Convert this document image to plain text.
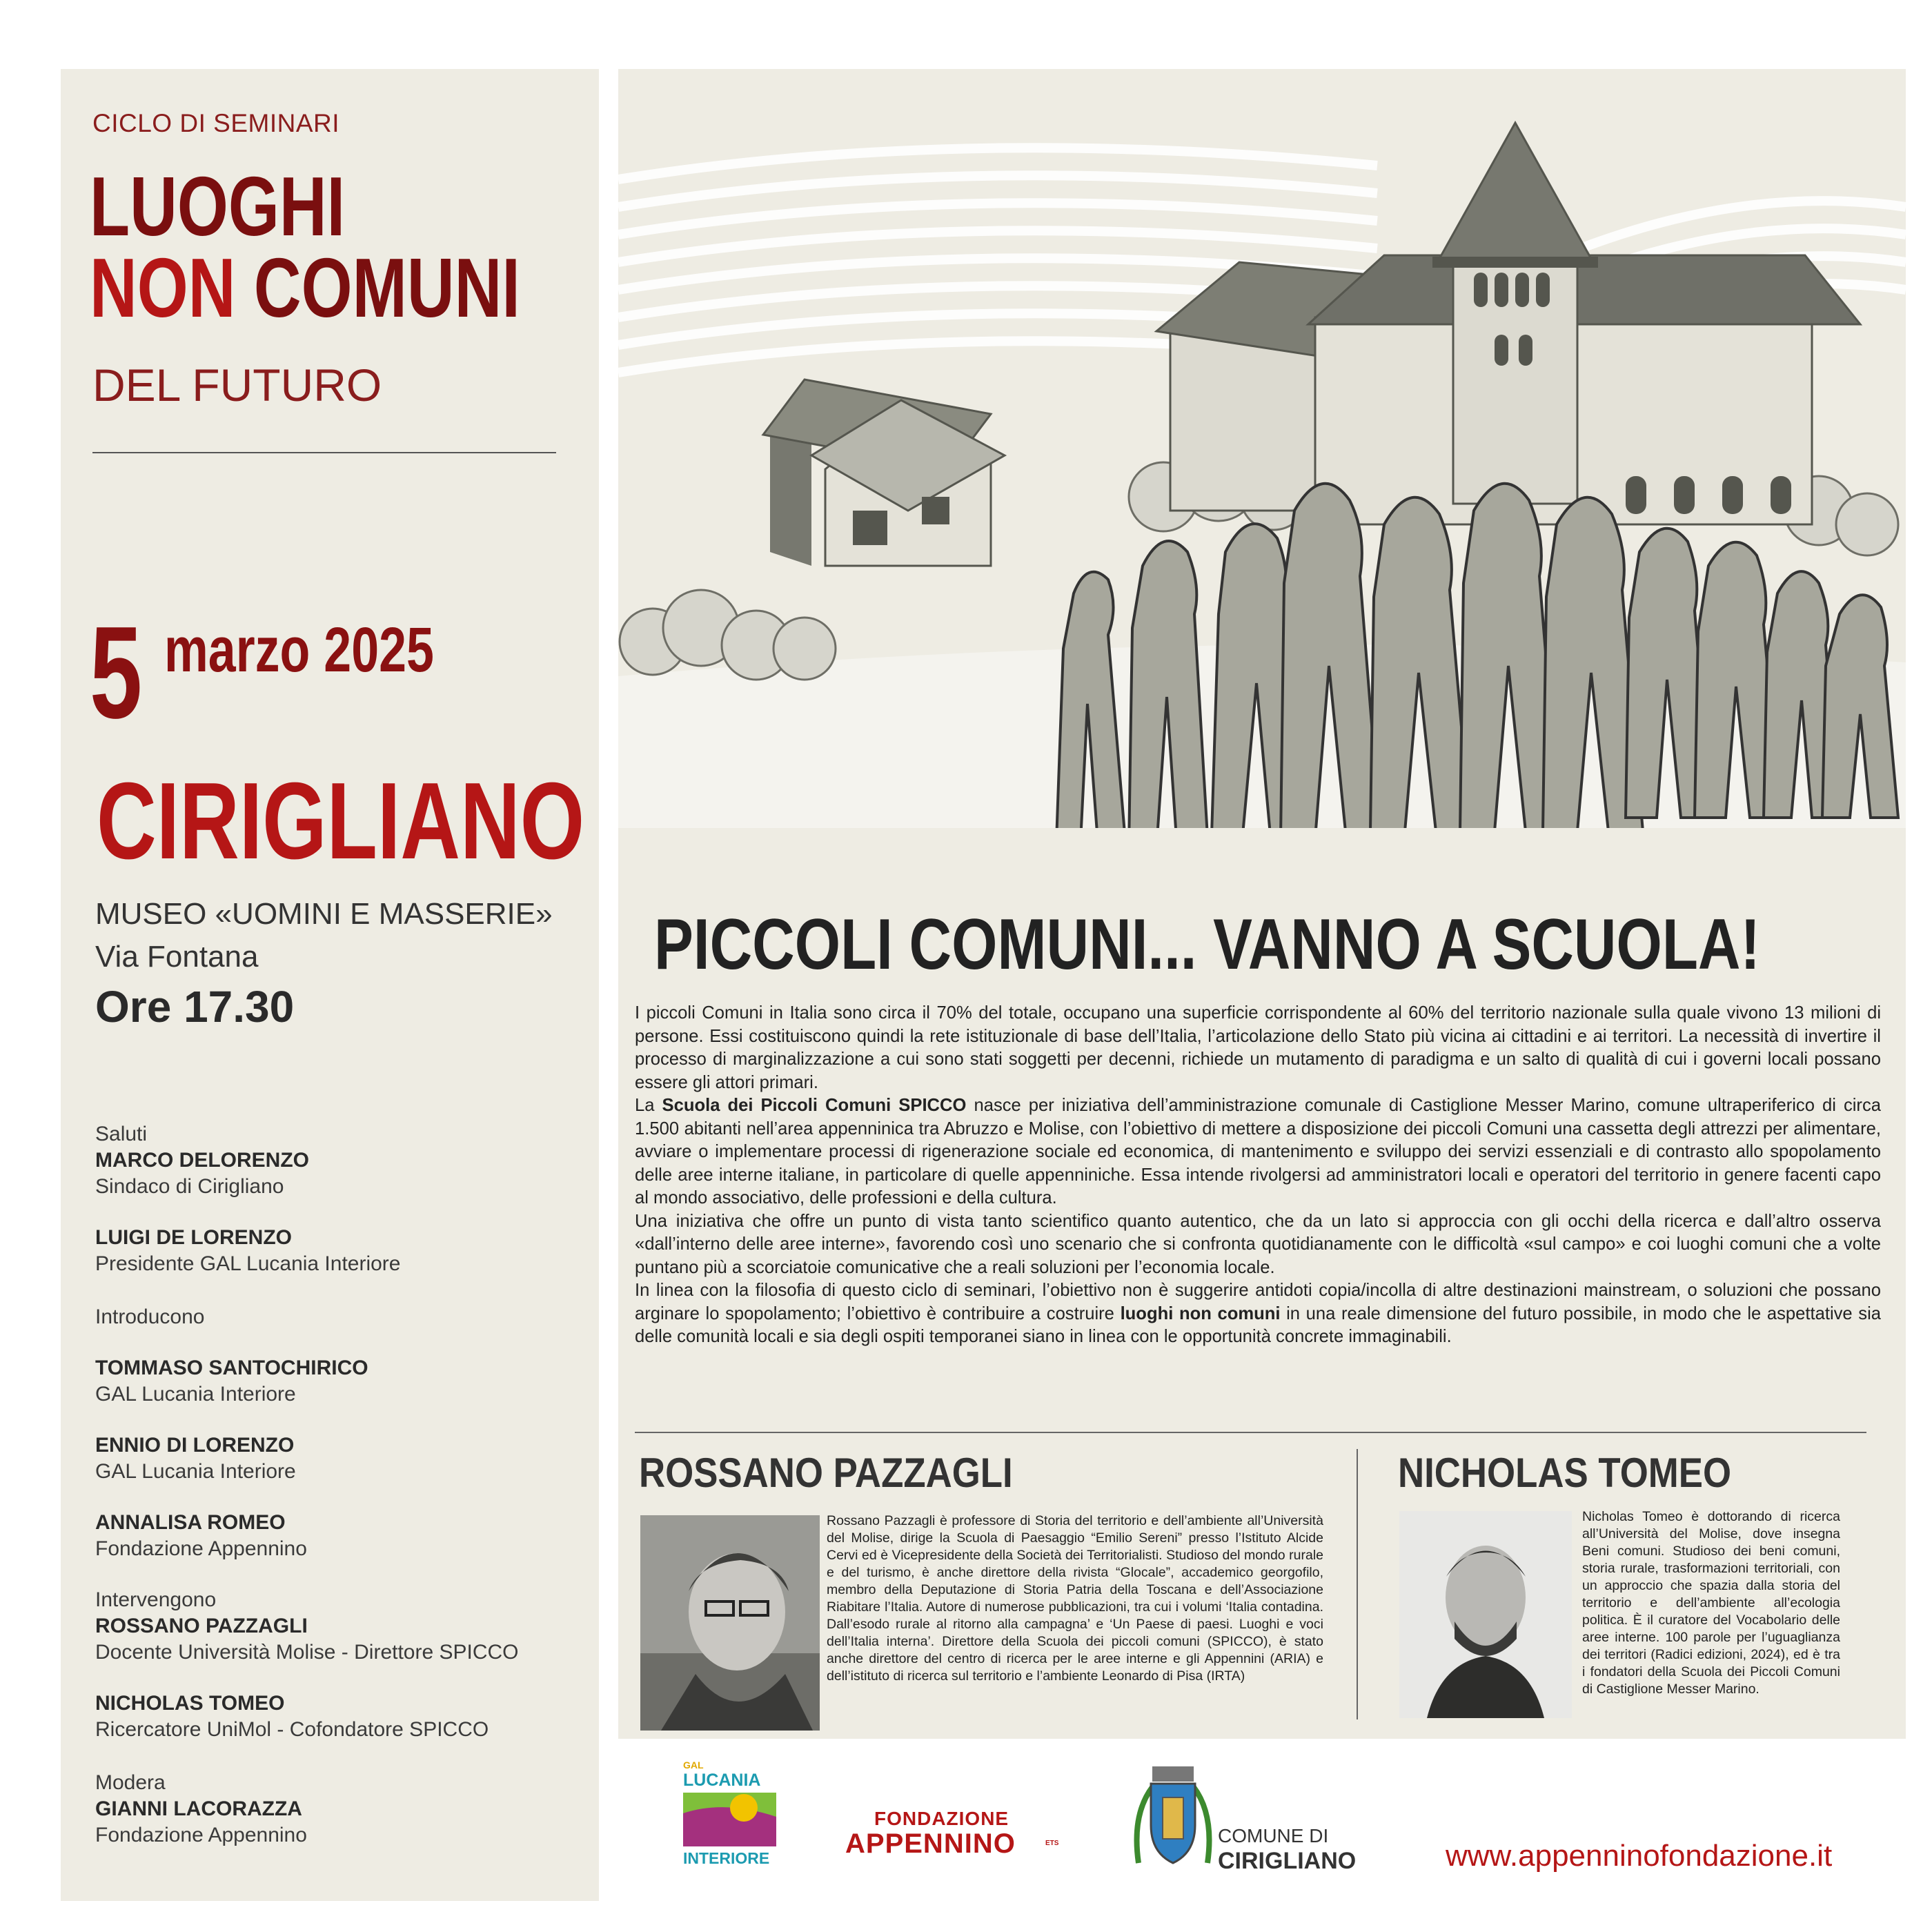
CICLO DI SEMINARI
LUOGHI
NON COMUNI
DEL FUTURO
5 marzo 2025
CIRIGLIANO
MUSEO «UOMINI E MASSERIE»
Via Fontana
Ore 17.30
Saluti
MARCO DELORENZO
Sindaco di Cirigliano
LUIGI DE LORENZO
Presidente GAL Lucania Interiore
Introducono
TOMMASO SANTOCHIRICO
GAL Lucania Interiore
ENNIO DI LORENZO
GAL Lucania Interiore
ANNALISA ROMEO
Fondazione Appennino
Intervengono
ROSSANO PAZZAGLI
Docente Università Molise - Direttore SPICCO
NICHOLAS TOMEO
Ricercatore UniMol - Cofondatore SPICCO
Modera
GIANNI LACORAZZA
Fondazione Appennino
PICCOLI COMUNI... VANNO A SCUOLA!
I piccoli Comuni in Italia sono circa il 70% del totale, occupano una superficie corrispondente al 60% del territorio nazionale sulla quale vivono 13 milioni di persone. Essi costituiscono quindi la rete istituzionale di base dell’Italia, l’articolazione dello Stato più vicina ai cittadini e ai territori. La necessità di invertire il processo di marginalizzazione a cui sono stati soggetti per decenni, richiede un mutamento di paradigma e un salto di qualità di cui i governi locali possano essere gli attori primari.
La Scuola dei Piccoli Comuni SPICCO nasce per iniziativa dell’amministrazione comunale di Castiglione Messer Marino, comune ultraperiferico di circa 1.500 abitanti nell’area appenninica tra Abruzzo e Molise, con l’obiettivo di mettere a disposizione dei piccoli Comuni una cassetta degli attrezzi per alimentare, avviare o implementare processi di rigenerazione sociale ed economica, di mantenimento e sviluppo dei servizi essenziali e di contrasto allo spopolamento delle aree interne italiane, in particolare di quelle appenniniche. Essa intende rivolgersi ad amministratori locali e operatori del territorio in genere facenti capo al mondo associativo, delle professioni e della cultura.
Una iniziativa che offre un punto di vista tanto scientifico quanto autentico, che da un lato si approccia con gli occhi della ricerca e dall’altro osserva «dall’interno delle aree interne», favorendo così uno scenario che si confronta quotidianamente con le difficoltà «sul campo» e coi luoghi comuni che a volte puntano più a scorciatoie comunicative che a reali soluzioni per l’economia locale.
In linea con la filosofia di questo ciclo di seminari, l’obiettivo non è suggerire antidoti copia/incolla di altre destinazioni mainstream, o soluzioni che possano arginare lo spopolamento; l’obiettivo è contribuire a costruire luoghi non comuni in una reale dimensione del futuro possibile, in modo che le aspettative sia delle comunità locali e sia degli ospiti temporanei siano in linea con le opportunità concrete immaginabili.
ROSSANO PAZZAGLI
Rossano Pazzagli è professore di Storia del territorio e dell’ambiente all’Università del Molise, dirige la Scuola di Paesaggio “Emilio Sereni” presso l’Istituto Alcide Cervi ed è Vicepresidente della Società dei Territorialisti. Studioso del mondo rurale e del turismo, è anche direttore della rivista “Glocale”, accademico georgofilo, membro della Deputazione di Storia Patria della Toscana e dell’Associazione Riabitare l’Italia. Autore di numerose pubblicazioni, tra cui i volumi ‘Italia contadina. Dall’esodo rurale al ritorno alla campagna’ e ‘Un Paese di paesi. Luoghi e voci dell’Italia interna’. Direttore della Scuola dei piccoli comuni (SPICCO), è stato anche direttore del centro di ricerca per le aree interne e gli Appennini (ARIA) e dell’istituto di ricerca sul territorio e l’ambiente Leonardo di Pisa (IRTA)
NICHOLAS TOMEO
Nicholas Tomeo è dottorando di ricerca all’Università del Molise, dove insegna Beni comuni. Studioso dei beni comuni, storia rurale, trasformazioni territoriali, con un approccio che spazia dalla storia del territorio e dell’ambiente all’ecologia politica. È il curatore del Vocabolario delle aree interne. 100 parole per l’uguaglianza dei territori (Radici edizioni, 2024), ed è tra i fondatori della Scuola dei Piccoli Comuni di Castiglione Messer Marino.
GAL
LUCANIA
INTERIORE
FONDAZIONE
APPENNINO	ETS	COMUNE DI
CIRIGLIANO	www.appenninofondazione.it
